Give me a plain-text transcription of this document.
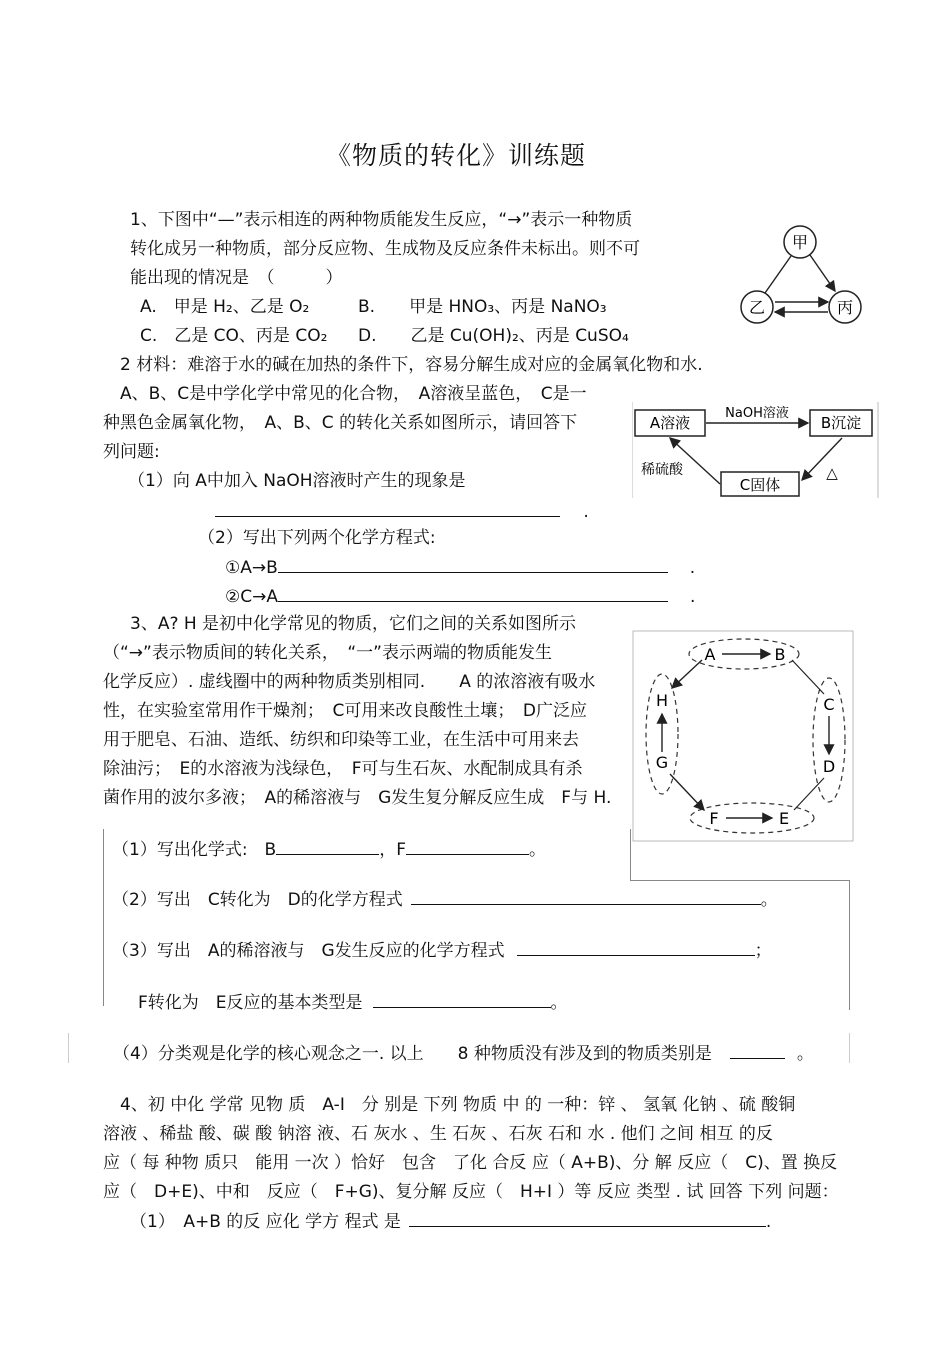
《物质的转化》训练题
1、下图中“—”表示相连的两种物质能发生反应，“→”表示一种物质
转化成另一种物质，部分反应物、生成物及反应条件未标出。则不可
能出现的情况是　（　　　）
A.　甲是 H₂、乙是 O₂	B.　　甲是 HNO₃、丙是 NaNO₃
C.　乙是 CO、丙是 CO₂ D.　　乙是 Cu(OH)₂、丙是 CuSO₄
甲
乙	丙
2 材料：难溶于水的碱在加热的条件下，容易分解生成对应的金属氧化物和水.
A、B、C是中学化学中常见的化合物，　A溶液呈蓝色，　C是一
种黑色金属氧化物，　A、B、C 的转化关系如图所示，请回答下
列问题:
（1）向 A中加入 NaOH溶液时产生的现象是
.
（2）写出下列两个化学方程式:
①A→B	.
②C→A	.
A溶液	B沉淀
C固体
NaOH溶液
稀硫酸	△
3、A? H 是初中化学常见的物质，它们之间的关系如图所示
（“→”表示物质间的转化关系，　“一”表示两端的物质能发生
化学反应）. 虚线圈中的两种物质类别相同.　　A 的浓溶液有吸水
性，在实验室常用作干燥剂；　C可用来改良酸性土壤；　D广泛应
用于肥皂、石油、造纸、纺织和印染等工业，在生活中可用来去
除油污；　E的水溶液为浅绿色，　F可与生石灰、水配制成具有杀
菌作用的波尔多液；　A的稀溶液与　G发生复分解反应生成　F与 H.
A	B
C
D
E
F
G
H
（1）写出化学式:　B	，F	。
（2）写出　C转化为　D的化学方程式	。
（3）写出　A的稀溶液与　G发生反应的化学方程式	；
F转化为　E反应的基本类型是	。
（4）分类观是化学的核心观念之一. 以上　　8 种物质没有涉及到的物质类别是	。
4、初 中化 学常 见物 质　A-I　分 别是 下列 物质 中 的 一种：锌 、 氢氧 化钠 、硫 酸铜
溶液 、稀盐 酸、碳 酸 钠溶 液、石 灰水 、生 石灰 、石灰 石和 水 . 他们 之间 相互 的反
应（ 每 种物 质只　能用 一次 ）恰好　包含　了化 合反 应（ A+B)、分 解 反应（　C)、置 换反
应（　D+E)、中和　反应（　F+G)、复分解 反应（　H+I ）等 反应 类型 . 试 回答 下列 问题：
（1）　A+B 的反 应化 学方 程式 是	.
